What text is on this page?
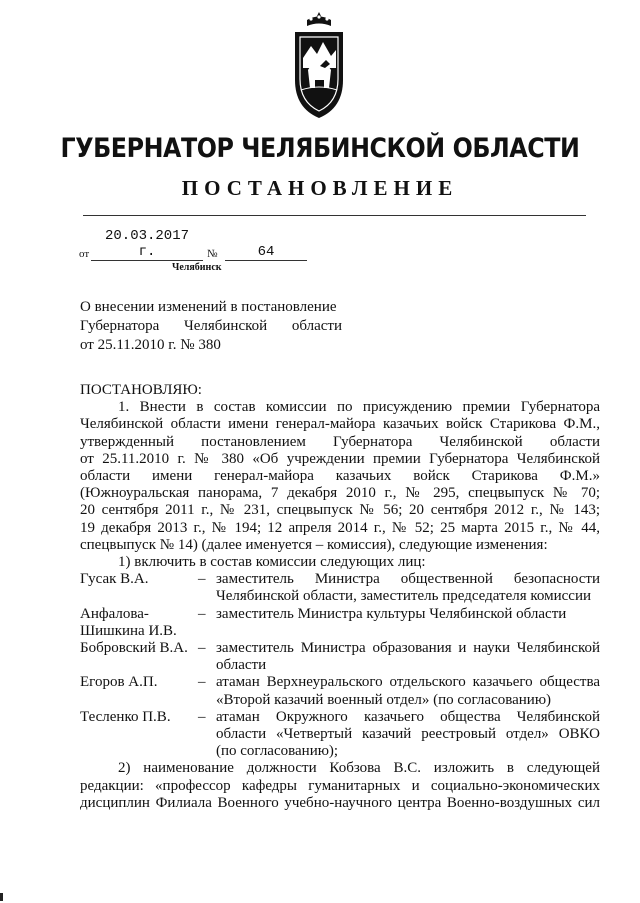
ГУБЕРНАТОР ЧЕЛЯБИНСКОЙ ОБЛАСТИ
ПОСТАНОВЛЕНИЕ
от
20.03.2017 г.	№	64
Челябинск
О внесении изменений в постановление
Губернатора Челябинской области
от 25.11.2010 г. № 380
ПОСТАНОВЛЯЮ:
1. Внести в состав комиссии по присуждению премии Губернатора
Челябинской области имени генерал-майора казачьих войск Старикова Ф.М.,
утвержденный постановлением Губернатора Челябинской области
от 25.11.2010 г. № 380 «Об учреждении премии Губернатора Челябинской
области имени генерал-майора казачьих войск Старикова Ф.М.»
(Южноуральская панорама, 7 декабря 2010 г., № 295, спецвыпуск № 70;
20 сентября 2011 г., № 231, спецвыпуск № 56; 20 сентября 2012 г., № 143;
19 декабря 2013 г., № 194; 12 апреля 2014 г., № 52; 25 марта 2015 г., № 44,
спецвыпуск № 14) (далее именуется – комиссия), следующие изменения:
1) включить в состав комиссии следующих лиц:
Гусак В.А.	– заместитель Министра общественной безопасности
Челябинской области, заместитель председателя комиссии
Анфалова-
Шишкина И.В.
– заместитель Министра культуры Челябинской области
Бобровский В.А. – заместитель Министра образования и науки Челябинской
области
Егоров А.П.	– атаман Верхнеуральского отдельского казачьего общества
«Второй казачий военный отдел» (по согласованию)
Тесленко П.В.	– атаман Окружного казачьего общества Челябинской
области «Четвертый казачий реестровый отдел» ОВКО
(по согласованию);
2) наименование должности Кобзова В.С. изложить в следующей
редакции: «профессор кафедры гуманитарных и социально-экономических
дисциплин Филиала Военного учебно-научного центра Военно-воздушных сил
